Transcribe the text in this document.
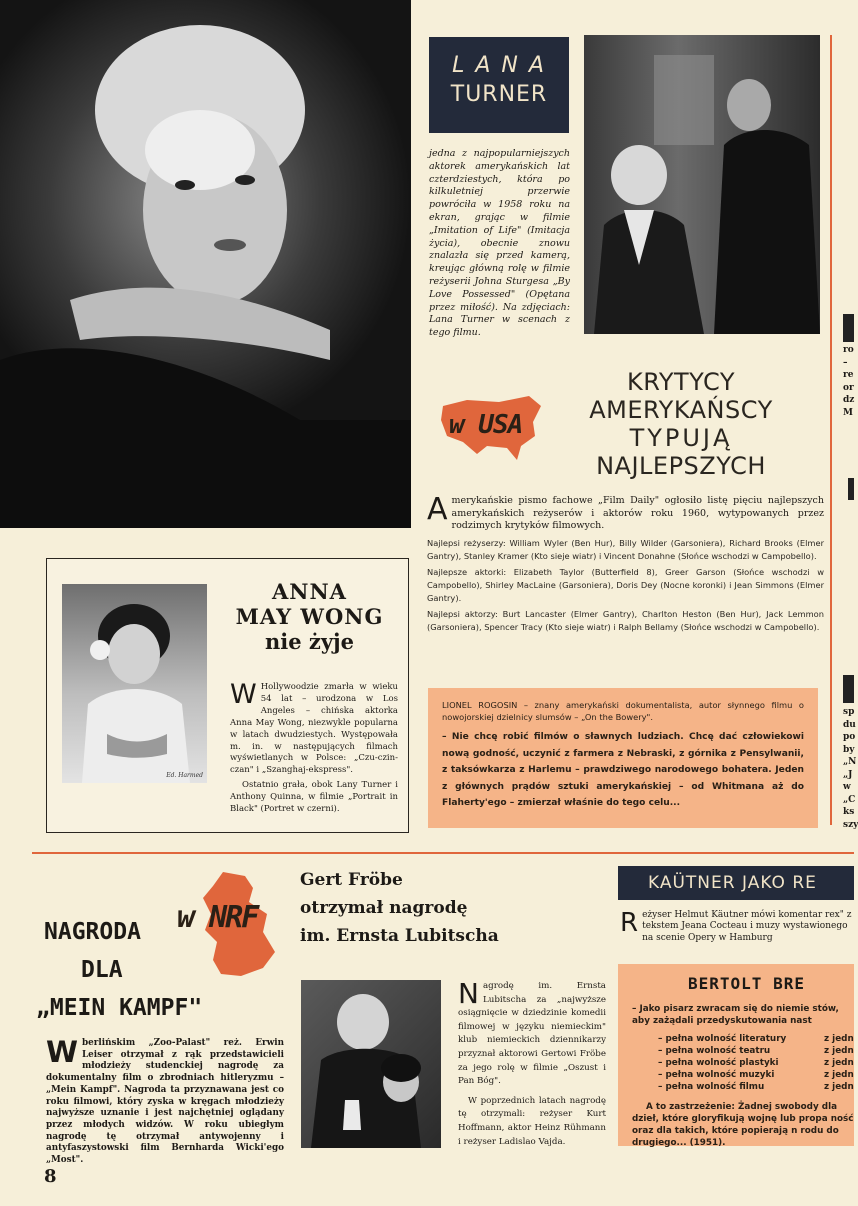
L A N A
TURNER
jedna z najpopularniejszych aktorek amerykańskich lat czterdziestych, która po kilkuletniej przerwie powróciła w 1958 roku na ekran, grając w filmie „Imitation of Life" (Imitacja życia), obecnie znowu znalazła się przed kamerą, kreując główną rolę w filmie reżyserii Johna Sturgesa „By Love Possessed" (Opętana przez miłość). Na zdjęciach: Lana Turner w scenach z tego filmu.
ro
–
re
or
dz
M
sp
du
po
by
„N
„J
w
„C
ks
szy
w USA
KRYTYCY
AMERYKAŃSCY
TYPUJĄ
NAJLEPSZYCH
A merykańskie pismo fachowe „Film Daily" ogłosiło listę pięciu najlepszych amerykańskich reżyserów i aktorów roku 1960, wytypowanych przez rodzimych krytyków filmowych.

Najlepsi reżyserzy: William Wyler (Ben Hur), Billy Wilder (Garsoniera), Richard Brooks (Elmer Gantry), Stanley Kramer (Kto sieje wiatr) i Vincent Donahne (Słońce wschodzi w Campobello).

Najlepsze aktorki: Elizabeth Taylor (Butterfield 8), Greer Garson (Słońce wschodzi w Campobello), Shirley MacLaine (Garsoniera), Doris Dey (Nocne koronki) i Jean Simmons (Elmer Gantry).

Najlepsi aktorzy: Burt Lancaster (Elmer Gantry), Charlton Heston (Ben Hur), Jack Lemmon (Garsoniera), Spencer Tracy (Kto sieje wiatr) i Ralph Bellamy (Słońce wschodzi w Campobello).

Ed. Harmed
ANNA
MAY WONG
nie żyje

W Hollywoodzie zmarła w wieku 54 lat – urodzona w Los Angeles – chińska aktorka Anna May Wong, niezwykle popularna w latach dwudziestych. Występowała m. in. w następujących filmach wyświetlanych w Polsce: „Czu-czin-czan" i „Szanghaj-ekspress".

Ostatnio grała, obok Lany Turner i Anthony Quinna, w filmie „Portrait in Black" (Portret w czerni).

LIONEL ROGOSIN – znany amerykański dokumentalista, autor słynnego filmu o nowojorskiej dzielnicy slumsów – „On the Bowery".
– Nie chcę robić filmów o sławnych ludziach. Chcę dać człowiekowi nową godność, uczynić z farmera z Nebraski, z górnika z Pensylwanii, z taksówkarza z Harlemu – prawdziwego narodowego bohatera. Jeden z głównych prądów sztuki amerykańskiej – od Whitmana aż do Flaherty'ego – zmierzał właśnie do tego celu...
NAGRODA
DLA
„MEIN KAMPF"
w NRF
W berlińskim „Zoo-Palast" reż. Erwin Leiser otrzymał z rąk przedstawicieli młodzieży studenckiej nagrodę za dokumentalny film o zbrodniach hitleryzmu – „Mein Kampf". Nagroda ta przyznawana jest co roku filmowi, który zyska w kręgach młodzieży najwyższe uznanie i jest najchętniej oglądany przez młodych widzów. W roku ubiegłym nagrodę tę otrzymał antywojenny i antyfaszystowski film Bernharda Wicki'ego „Most".
8
Gert Fröbe
otrzymał nagrodę
im. Ernsta Lubitscha

N agrodę im. Ernsta Lubitscha za „najwyższe osiągnięcie w dziedzinie komedii filmowej w języku niemieckim" klub niemieckich dziennikarzy przyznał aktorowi Gertowi Fröbe za jego rolę w filmie „Oszust i Pan Bóg".

W poprzednich latach nagrodę tę otrzymali: reżyser Kurt Hoffmann, aktor Heinz Rühmann i reżyser Ladislao Vajda.

KAÜTNER JAKO RE
R eżyser Helmut Käutner mówi komentar rex" z tekstem Jeana Cocteau i muzy wystawionego na scenie Opery w Hamburg
BERTOLT BRE
– Jako pisarz zwracam się do niemie stów, aby zażądali przedyskutowania nast
– pełna wolność literatury	z jedn
– pełna wolność teatru	z jedn
– pełna wolność plastyki	z jedn
– pełna wolność muzyki	z jedn
– pełna wolność filmu	z jedn
A to zastrzeżenie: Żadnej swobody dla dzieł, które gloryfikują wojnę lub propa ność oraz dla takich, które popierają n rodu do drugiego... (1951).
